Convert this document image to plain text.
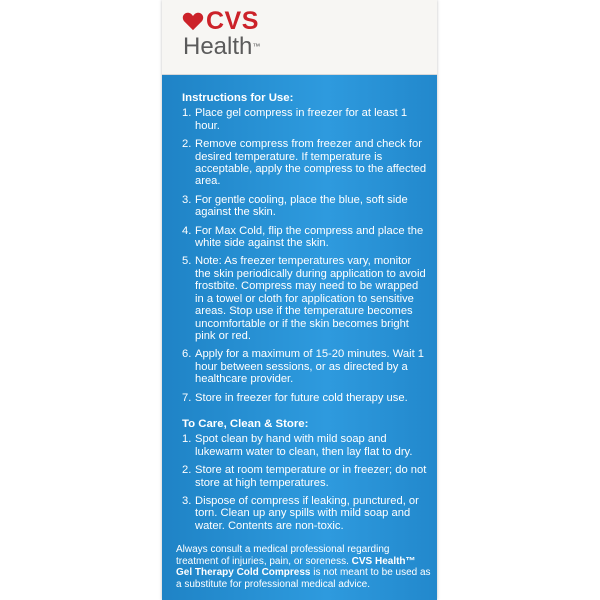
CVS
Health™
Instructions for Use:
1. Place gel compress in freezer for at least 1 hour.
2. Remove compress from freezer and check for desired temperature. If temperature is acceptable, apply the compress to the affected area.
3. For gentle cooling, place the blue, soft side against the skin.
4. For Max Cold, flip the compress and place the white side against the skin.
5. Note: As freezer temperatures vary, monitor the skin periodically during application to avoid frostbite. Compress may need to be wrapped in a towel or cloth for application to sensitive areas. Stop use if the temperature becomes uncomfortable or if the skin becomes bright pink or red.
6. Apply for a maximum of 15-20 minutes. Wait 1 hour between sessions, or as directed by a healthcare provider.
7. Store in freezer for future cold therapy use.
To Care, Clean & Store:
1. Spot clean by hand with mild soap and lukewarm water to clean, then lay flat to dry.
2. Store at room temperature or in freezer; do not store at high temperatures.
3. Dispose of compress if leaking, punctured, or torn. Clean up any spills with mild soap and water. Contents are non-toxic.
Always consult a medical professional regarding treatment of injuries, pain, or soreness. CVS Health™ Gel Therapy Cold Compress is not meant to be used as a substitute for professional medical advice.
